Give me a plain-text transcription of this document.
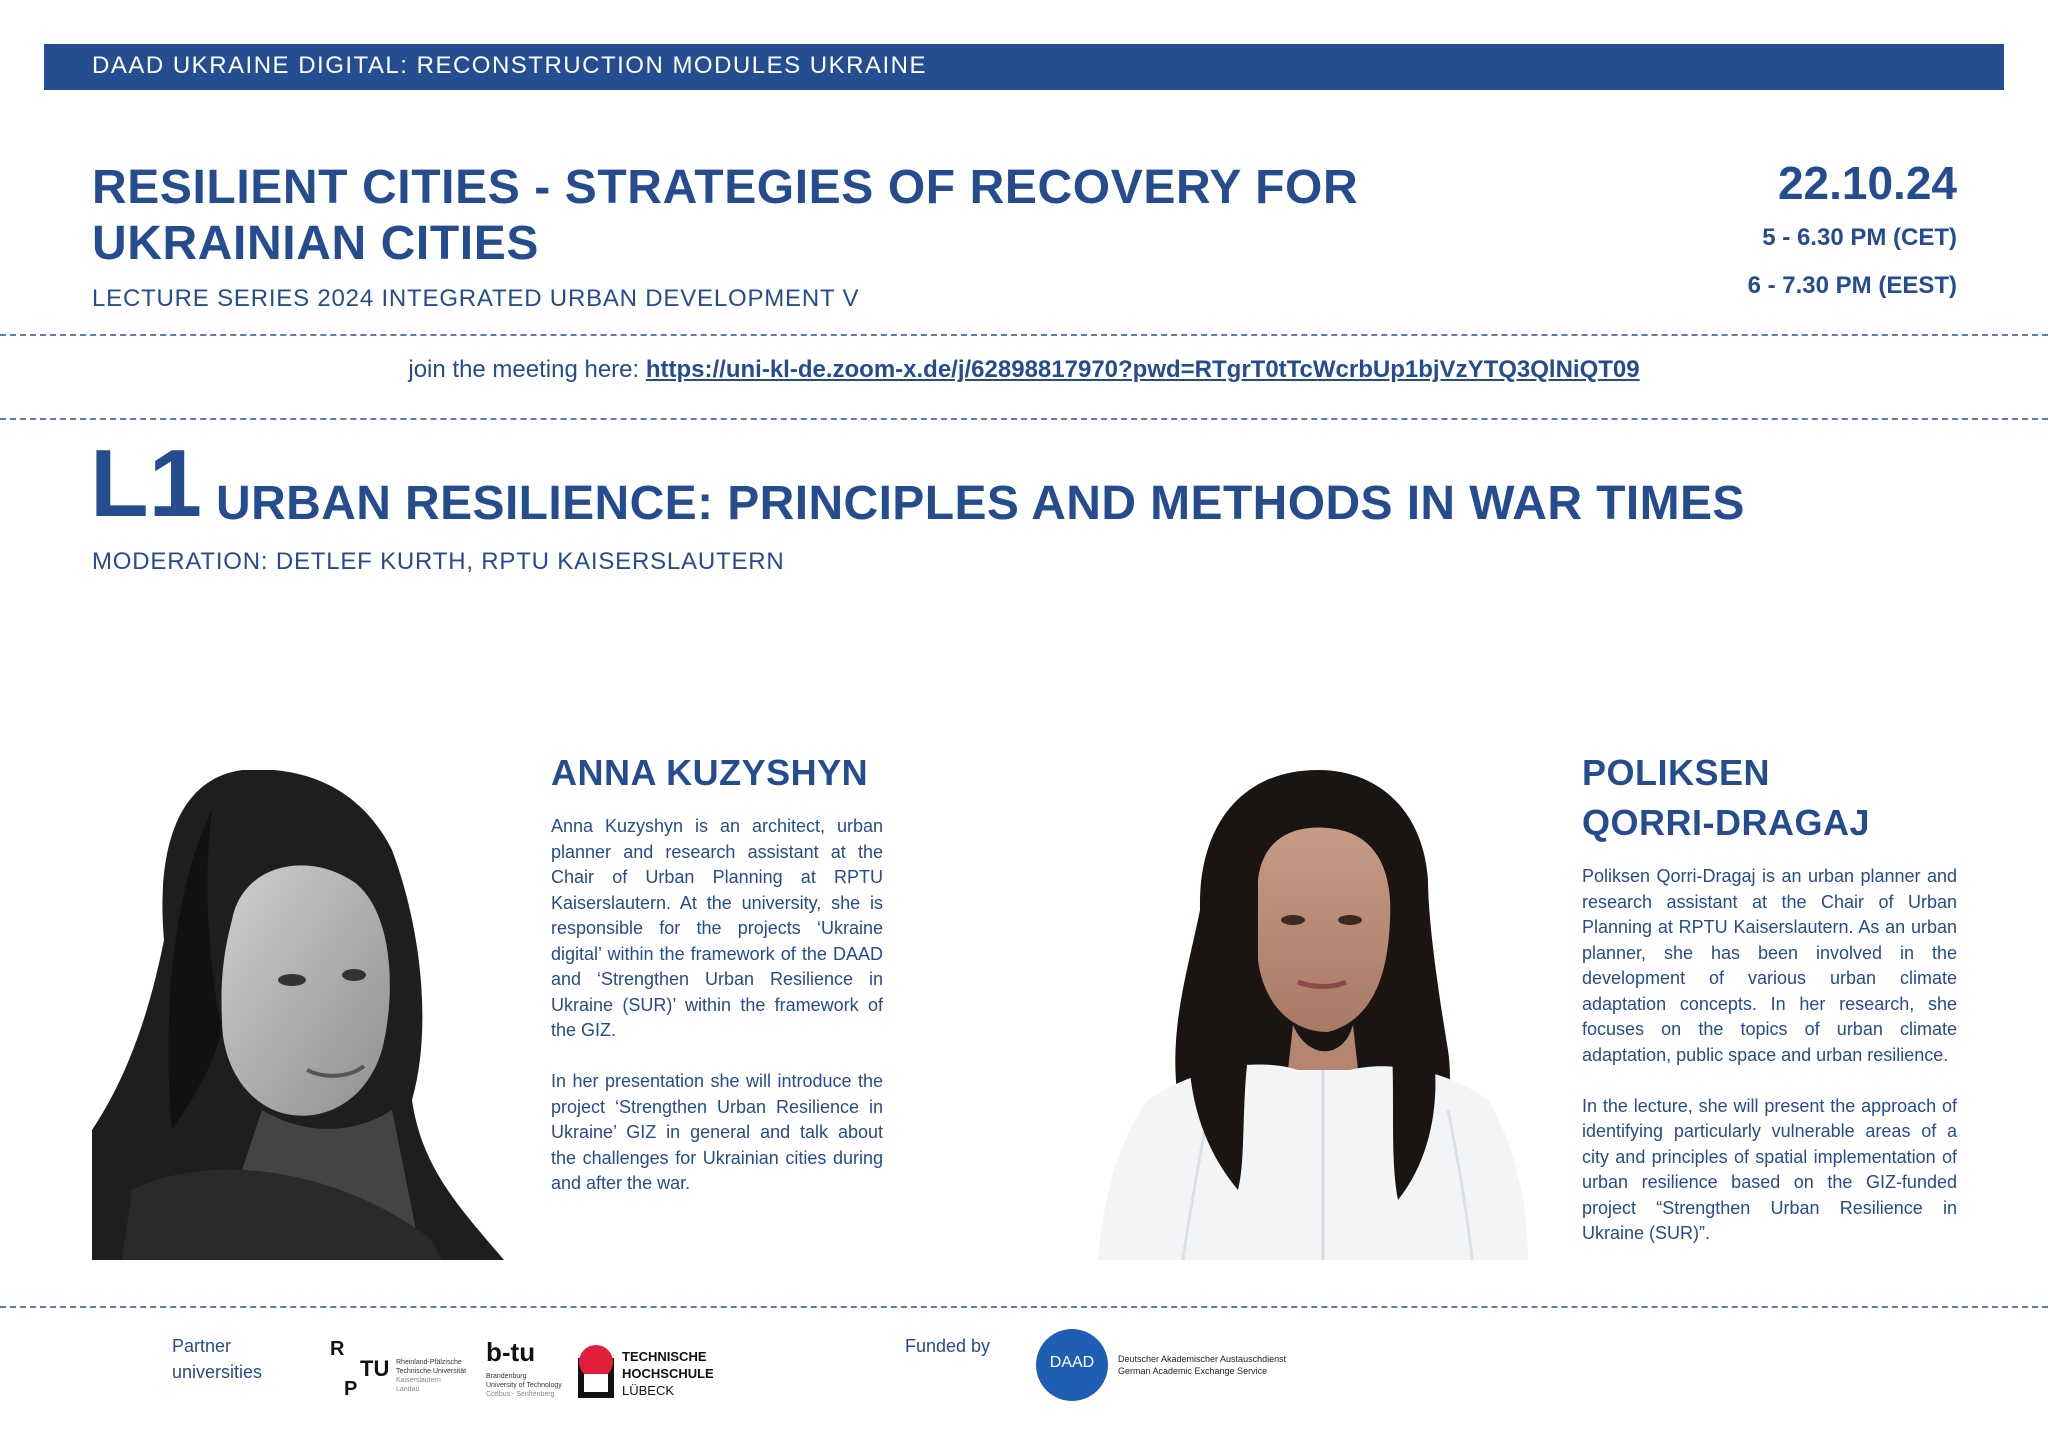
DAAD UKRAINE DIGITAL: RECONSTRUCTION MODULES UKRAINE
RESILIENT CITIES - STRATEGIES OF RECOVERY FOR
UKRAINIAN CITIES
LECTURE SERIES 2024 INTEGRATED URBAN DEVELOPMENT V
22.10.24
5 - 6.30 PM (CET)
6 - 7.30 PM (EEST)
join the meeting here: https://uni-kl-de.zoom-x.de/j/62898817970?pwd=RTgrT0tTcWcrbUp1bjVzYTQ3QlNiQT09
L1 URBAN RESILIENCE: PRINCIPLES AND METHODS IN WAR TIMES
MODERATION: DETLEF KURTH, RPTU KAISERSLAUTERN
ANNA KUZYSHYN

Anna Kuzyshyn is an architect, urban planner and research assistant at the Chair of Urban Planning at RPTU Kaiserslautern. At the university, she is responsible for the projects ‘Ukraine digital’ within the framework of the DAAD and ‘Strengthen Urban Resilience in Ukraine (SUR)’ within the framework of the GIZ.

In her presentation she will introduce the project ‘Strengthen Urban Resilience in Ukraine’ GIZ in general and talk about the challenges for Ukrainian cities during and after the war.

POLIKSEN
QORRI-DRAGAJ

Poliksen Qorri-Dragaj is an urban planner and research assistant at the Chair of Urban Planning at RPTU Kaiserslautern. As an urban planner, she has been involved in the development of various urban climate adaptation concepts. In her research, she focuses on the topics of urban climate adaptation, public space and urban resilience.

In the lecture, she will present the approach of identifying particularly vulnerable areas of a city and principles of spatial implementation of urban resilience based on the GIZ-funded project “Strengthen Urban Resilience in Ukraine (SUR)”.

Partner
universities
R
TU
P
Rheinland-Pfälzische
Technische Universität
Kaiserslautern
Landau
b-tu
Brandenburg
University of Technology
Cottbus - Senftenberg
TECHNISCHE
HOCHSCHULE
LÜBECK
Funded by
DAAD	Deutscher Akademischer Austauschdienst
German Academic Exchange Service
